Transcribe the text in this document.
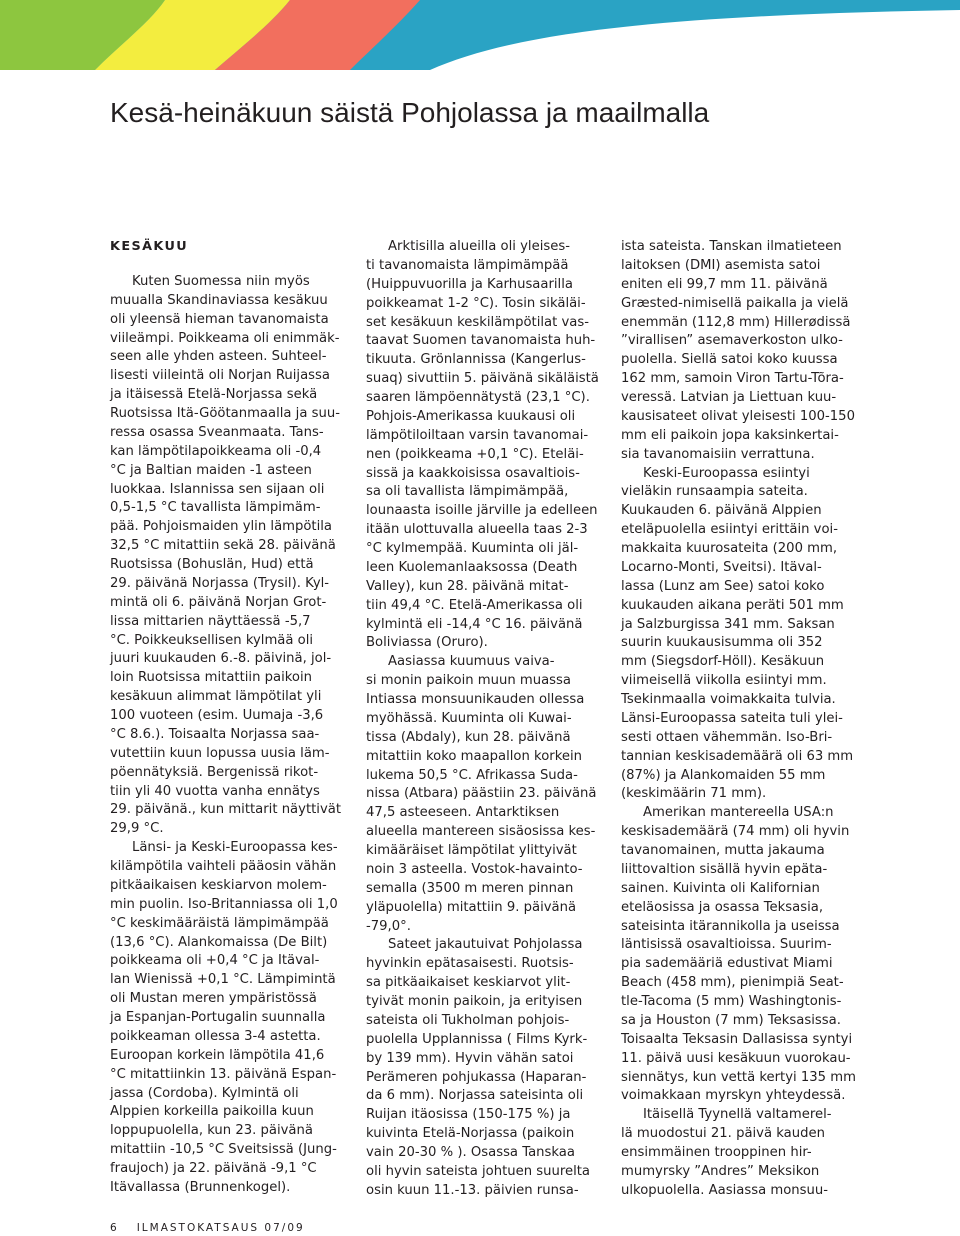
Kesä-heinäkuun säistä Pohjolassa ja maailmalla
KESÄKUU

Kuten Suomessa niin myös
muualla Skandinaviassa kesäkuu
oli yleensä hieman tavanomaista
viileämpi. Poikkeama oli enimmäk-
seen alle yhden asteen. Suhteel-
lisesti viileintä oli Norjan Ruijassa
ja itäisessä Etelä-Norjassa sekä
Ruotsissa Itä-Göötanmaalla ja suu-
ressa osassa Sveanmaata. Tans-
kan lämpötilapoikkeama oli -0,4
°C ja Baltian maiden -1 asteen
luokkaa. Islannissa sen sijaan oli
0,5-1,5 °C tavallista lämpimäm-
pää. Pohjoismaiden ylin lämpötila
32,5 °C mitattiin sekä 28. päivänä
Ruotsissa (Bohuslän, Hud) että
29. päivänä Norjassa (Trysil). Kyl-
mintä oli 6. päivänä Norjan Grot-
lissa mittarien näyttäessä -5,7
°C. Poikkeuksellisen kylmää oli
juuri kuukauden 6.-8. päivinä, jol-
loin Ruotsissa mitattiin paikoin
kesäkuun alimmat lämpötilat yli
100 vuoteen (esim. Uumaja -3,6
°C 8.6.). Toisaalta Norjassa saa-
vutettiin kuun lopussa uusia läm-
pöennätyksiä. Bergenissä rikot-
tiin yli 40 vuotta vanha ennätys
29. päivänä., kun mittarit näyttivät
29,9 °C.

Länsi- ja Keski-Euroopassa kes-
kilämpötila vaihteli pääosin vähän
pitkäaikaisen keskiarvon molem-
min puolin. Iso-Britanniassa oli 1,0
°C keskimääräistä lämpimämpää
(13,6 °C). Alankomaissa (De Bilt)
poikkeama oli +0,4 °C ja Itäval-
lan Wienissä +0,1 °C. Lämpimintä
oli Mustan meren ympäristössä
ja Espanjan-Portugalin suunnalla
poikkeaman ollessa 3-4 astetta.
Euroopan korkein lämpötila 41,6
°C mitattiinkin 13. päivänä Espan-
jassa (Cordoba). Kylmintä oli
Alppien korkeilla paikoilla kuun
loppupuolella, kun 23. päivänä
mitattiin -10,5 °C Sveitsissä (Jung-
fraujoch) ja 22. päivänä -9,1 °C
Itävallassa (Brunnenkogel).

Arktisilla alueilla oli yleises-
ti tavanomaista lämpimämpää
(Huippuvuorilla ja Karhusaarilla
poikkeamat 1-2 °C). Tosin sikäläi-
set kesäkuun keskilämpötilat vas-
taavat Suomen tavanomaista huh-
tikuuta. Grönlannissa (Kangerlus-
suaq) sivuttiin 5. päivänä sikäläistä
saaren lämpöennätystä (23,1 °C).
Pohjois-Amerikassa kuukausi oli
lämpötiloiltaan varsin tavanomai-
nen (poikkeama +0,1 °C). Eteläi-
sissä ja kaakkoisissa osavaltiois-
sa oli tavallista lämpimämpää,
lounaasta isoille järville ja edelleen
itään ulottuvalla alueella taas 2-3
°C kylmempää. Kuuminta oli jäl-
leen Kuolemanlaaksossa (Death
Valley), kun 28. päivänä mitat-
tiin 49,4 °C. Etelä-Amerikassa oli
kylmintä eli -14,4 °C 16. päivänä
Boliviassa (Oruro).

Aasiassa kuumuus vaiva-
si monin paikoin muun muassa
Intiassa monsuunikauden ollessa
myöhässä. Kuuminta oli Kuwai-
tissa (Abdaly), kun 28. päivänä
mitattiin koko maapallon korkein
lukema 50,5 °C. Afrikassa Suda-
nissa (Atbara) päästiin 23. päivänä
47,5 asteeseen. Antarktiksen
alueella mantereen sisäosissa kes-
kimääräiset lämpötilat ylittyivät
noin 3 asteella. Vostok-havainto-
semalla (3500 m meren pinnan
yläpuolella) mitattiin 9. päivänä
-79,0°.

Sateet jakautuivat Pohjolassa
hyvinkin epätasaisesti. Ruotsis-
sa pitkäaikaiset keskiarvot ylit-
tyivät monin paikoin, ja erityisen
sateista oli Tukholman pohjois-
puolella Upplannissa ( Films Kyrk-
by 139 mm). Hyvin vähän satoi
Perämeren pohjukassa (Haparan-
da 6 mm). Norjassa sateisinta oli
Ruijan itäosissa (150-175 %) ja
kuivinta Etelä-Norjassa (paikoin
vain 20-30 % ). Osassa Tanskaa
oli hyvin sateista johtuen suurelta
osin kuun 11.-13. päivien runsa-

ista sateista. Tanskan ilmatieteen
laitoksen (DMI) asemista satoi
eniten eli 99,7 mm 11. päivänä
Græsted-nimisellä paikalla ja vielä
enemmän (112,8 mm) Hillerødissä
”virallisen” asemaverkoston ulko-
puolella. Siellä satoi koko kuussa
162 mm, samoin Viron Tartu-Tõra-
veressä. Latvian ja Liettuan kuu-
kausisateet olivat yleisesti 100-150
mm eli paikoin jopa kaksinkertai-
sia tavanomaisiin verrattuna.

Keski-Euroopassa esiintyi
vieläkin runsaampia sateita.
Kuukauden 6. päivänä Alppien
eteläpuolella esiintyi erittäin voi-
makkaita kuurosateita (200 mm,
Locarno-Monti, Sveitsi). Itäval-
lassa (Lunz am See) satoi koko
kuukauden aikana peräti 501 mm
ja Salzburgissa 341 mm. Saksan
suurin kuukausisumma oli 352
mm (Siegsdorf-Höll). Kesäkuun
viimeisellä viikolla esiintyi mm.
Tsekinmaalla voimakkaita tulvia.
Länsi-Euroopassa sateita tuli ylei-
sesti ottaen vähemmän. Iso-Bri-
tannian keskisademäärä oli 63 mm
(87%) ja Alankomaiden 55 mm
(keskimäärin 71 mm).

Amerikan mantereella USA:n
keskisademäärä (74 mm) oli hyvin
tavanomainen, mutta jakauma
liittovaltion sisällä hyvin epäta-
sainen. Kuivinta oli Kalifornian
eteläosissa ja osassa Teksasia,
sateisinta itärannikolla ja useissa
läntisissä osavaltioissa. Suurim-
pia sademääriä edustivat Miami
Beach (458 mm), pienimpiä Seat-
tle-Tacoma (5 mm) Washingtonis-
sa ja Houston (7 mm) Teksasissa.
Toisaalta Teksasin Dallasissa syntyi
11. päivä uusi kesäkuun vuorokau-
siennätys, kun vettä kertyi 135 mm
voimakkaan myrskyn yhteydessä.

Itäisellä Tyynellä valtamerel-
lä muodostui 21. päivä kauden
ensimmäinen trooppinen hir-
mumyrsky ”Andres” Meksikon
ulkopuolella. Aasiassa monsuu-

6 ILMASTOKATSAUS 07/09
